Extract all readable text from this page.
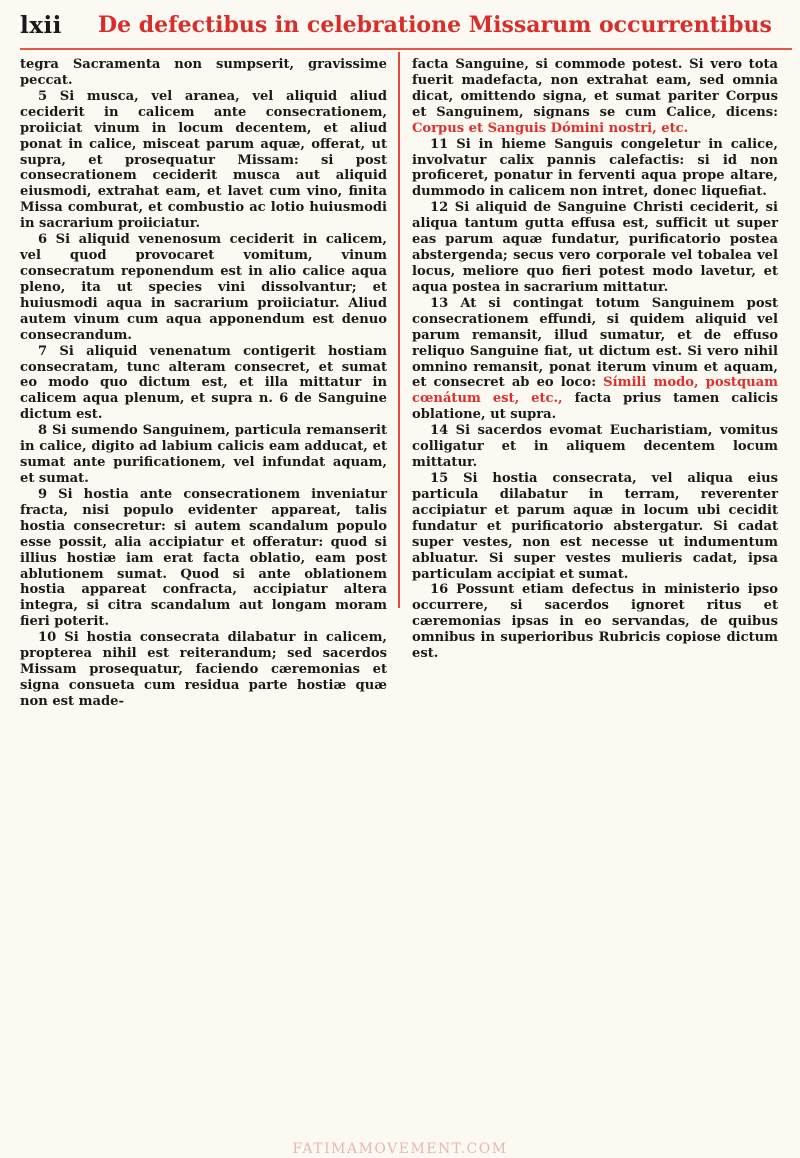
lxii De defectibus in celebratione Missarum occurrentibus

tegra Sacramenta non sumpserit, gravissime peccat.

5 Si musca, vel aranea, vel aliquid aliud ceciderit in calicem ante consecrationem, proiiciat vinum in locum decentem, et aliud ponat in calice, misceat parum aquæ, offerat, ut supra, et prosequatur Missam: si post consecrationem ceciderit musca aut aliquid eiusmodi, extrahat eam, et lavet cum vino, finita Missa comburat, et combustio ac lotio huiusmodi in sacrarium proiiciatur.

6 Si aliquid venenosum ceciderit in calicem, vel quod provocaret vomitum, vinum consecratum reponendum est in alio calice aqua pleno, ita ut species vini dissolvantur; et huiusmodi aqua in sacrarium proiiciatur. Aliud autem vinum cum aqua apponendum est denuo consecrandum.

7 Si aliquid venenatum contigerit hostiam consecratam, tunc alteram consecret, et sumat eo modo quo dictum est, et illa mittatur in calicem aqua plenum, et supra n. 6 de Sanguine dictum est.

8 Si sumendo Sanguinem, particula remanserit in calice, digito ad labium calicis eam adducat, et sumat ante purificationem, vel infundat aquam, et sumat.

9 Si hostia ante consecrationem inveniatur fracta, nisi populo evidenter appareat, talis hostia consecretur: si autem scandalum populo esse possit, alia accipiatur et offeratur: quod si illius hostiæ iam erat facta oblatio, eam post ablutionem sumat. Quod si ante oblationem hostia appareat confracta, accipiatur altera integra, si citra scandalum aut longam moram fieri poterit.

10 Si hostia consecrata dilabatur in calicem, propterea nihil est reiterandum; sed sacerdos Missam prosequatur, faciendo cæremonias et signa consueta cum residua parte hostiæ quæ non est made-

facta Sanguine, si commode potest. Si vero tota fuerit madefacta, non extrahat eam, sed omnia dicat, omittendo signa, et sumat pariter Corpus et Sanguinem, signans se cum Calice, dicens: Corpus et Sanguis Dómini nostri, etc.

11 Si in hieme Sanguis congeletur in calice, involvatur calix pannis calefactis: si id non proficeret, ponatur in ferventi aqua prope altare, dummodo in calicem non intret, donec liquefiat.

12 Si aliquid de Sanguine Christi ceciderit, si aliqua tantum gutta effusa est, sufficit ut super eas parum aquæ fundatur, purificatorio postea abstergenda; secus vero corporale vel tobalea vel locus, meliore quo fieri potest modo lavetur, et aqua postea in sacrarium mittatur.

13 At si contingat totum Sanguinem post consecrationem effundi, si quidem aliquid vel parum remansit, illud sumatur, et de effuso reliquo Sanguine fiat, ut dictum est. Si vero nihil omnino remansit, ponat iterum vinum et aquam, et consecret ab eo loco: Símili modo, postquam cœnátum est, etc., facta prius tamen calicis oblatione, ut supra.

14 Si sacerdos evomat Eucharistiam, vomitus colligatur et in aliquem decentem locum mittatur.

15 Si hostia consecrata, vel aliqua eius particula dilabatur in terram, reverenter accipiatur et parum aquæ in locum ubi cecidit fundatur et purificatorio abstergatur. Si cadat super vestes, non est necesse ut indumentum abluatur. Si super vestes mulieris cadat, ipsa particulam accipiat et sumat.

16 Possunt etiam defectus in ministerio ipso occurrere, si sacerdos ignoret ritus et cæremonias ipsas in eo servandas, de quibus omnibus in superioribus Rubricis copiose dictum est.

FATIMAMOVEMENT.COM
